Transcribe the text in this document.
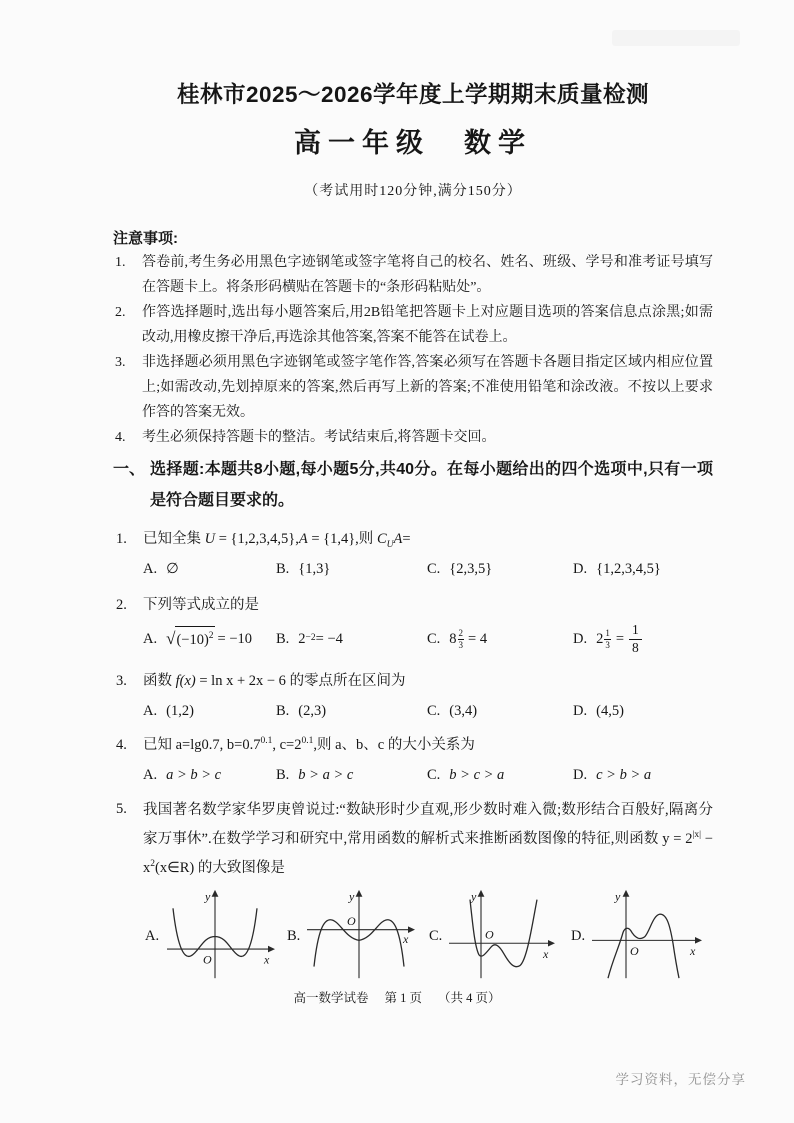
桂林市2025～2026学年度上学期期末质量检测
高一年级　数学
（考试用时120分钟,满分150分）
注意事项:
1.	答卷前,考生务必用黑色字迹钢笔或签字笔将自己的校名、姓名、班级、学号和准考证号填写在答题卡上。将条形码横贴在答题卡的“条形码粘贴处”。
2.	作答选择题时,选出每小题答案后,用2B铅笔把答题卡上对应题目选项的答案信息点涂黑;如需改动,用橡皮擦干净后,再选涂其他答案,答案不能答在试卷上。
3.	非选择题必须用黑色字迹钢笔或签字笔作答,答案必须写在答题卡各题目指定区域内相应位置上;如需改动,先划掉原来的答案,然后再写上新的答案;不准使用铅笔和涂改液。不按以上要求作答的答案无效。
4.	考生必须保持答题卡的整洁。考试结束后,将答题卡交回。
一、 选择题:本题共8小题,每小题5分,共40分。在每小题给出的四个选项中,只有一项是符合题目要求的。
1. 已知全集 U = {1,2,3,4,5},A = {1,4},则 $C_UA=$
A. ∅	B. {1,3}	C. {2,3,5}	D. {1,2,3,4,5}
2. 下列等式成立的是
A. √ $(-10)^2 = -10$ B. 2 −2 = −4	C. $8 \frac{2}{3} = 4$	D. $2 \frac{1}{3} = \frac{1}{8}$
3. 函数 f(x) = ln x + 2x − 6 的零点所在区间为
A. (1,2)	B. (2,3)	C. (3,4)	D. (4,5)
4. 已知 a=lg0.7, $b=0.7^{0.1}$, $c=2^{0.1}$,则 a、b、c 的大小关系为
A. a > b > c	B. b > a > c	C. b > c > a	D. c > b > a
5. 我国著名数学家华罗庚曾说过:“数缺形时少直观,形少数时难入微;数形结合百般好,隔离分家万事休”.在数学学习和研究中,常用函数的解析式来推断函数图像的特征,则函数 $y = 2^{|x|}$ − $x^2(x\in R)$ 的大致图像是
A.
y
O	x
B.
y
O
x C.
y
O
x
D.
y
O	x
高一数学试卷 第 1 页 （共 4 页）
学习资料，无偿分享
